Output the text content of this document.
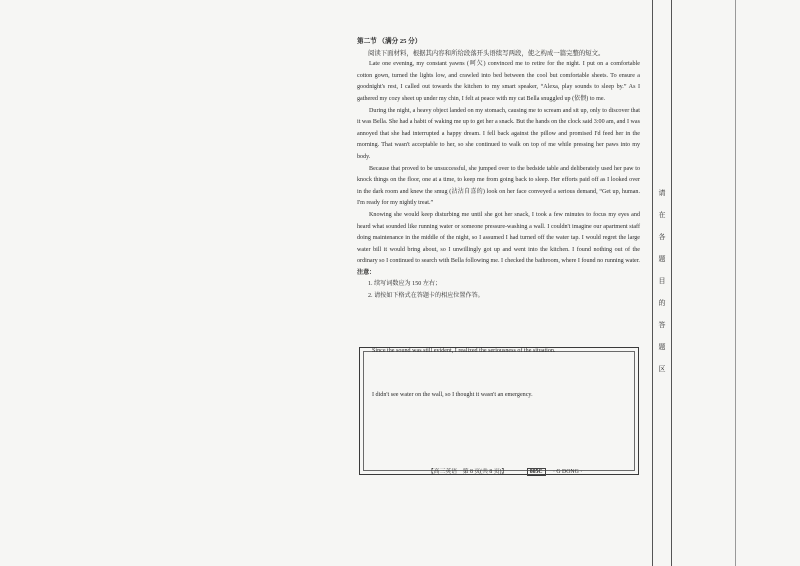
请
在
各
题
目
的
答
题
区
第二节 （满分 25 分）
阅读下面材料，根据其内容和所给段落开头语续写两段，使之构成一篇完整的短文。

Late one evening, my constant yawns (呵欠) convinced me to retire for the night. I put on a comfortable cotton gown, turned the lights low, and crawled into bed between the cool but comfortable sheets. To ensure a goodnight's rest, I called out towards the kitchen to my smart speaker, “Alexa, play sounds to sleep by.” As I gathered my cozy sheet up under my chin, I felt at peace with my cat Bella snuggled up (依偎) to me.

During the night, a heavy object landed on my stomach, causing me to scream and sit up, only to discover that it was Bella. She had a habit of waking me up to get her a snack. But the hands on the clock said 3:00 am, and I was annoyed that she had interrupted a happy dream. I fell back against the pillow and promised I'd feed her in the morning. That wasn't acceptable to her, so she continued to walk on top of me while pressing her paws into my body.

Because that proved to be unsuccessful, she jumped over to the bedside table and deliberately used her paw to knock things on the floor, one at a time, to keep me from going back to sleep. Her efforts paid off as I looked over in the dark room and knew the smug (沾沾自喜的) look on her face conveyed a serious demand, “Get up, human. I'm ready for my nightly treat.”

Knowing she would keep disturbing me until she got her snack, I took a few minutes to focus my eyes and heard what sounded like running water or someone pressure-washing a wall. I couldn't imagine our apartment staff doing maintenance in the middle of the night, so I assumed I had turned off the water tap. I would regret the large water bill it would bring about, so I unwillingly got up and went into the kitchen. I found nothing out of the ordinary so I continued to search with Bella following me. I checked the bathroom, where I found no running water.

注意：
1. 续写词数应为 150 左右；
2. 请按如下格式在答题卡的相应位置作答。
Since the sound was still evident, I realized the seriousness of the situation.
I didn't see water on the wall, so I thought it wasn't an emergency.
【高三英语　第 8 页(共 8 页)】	805C · G DONG ·
